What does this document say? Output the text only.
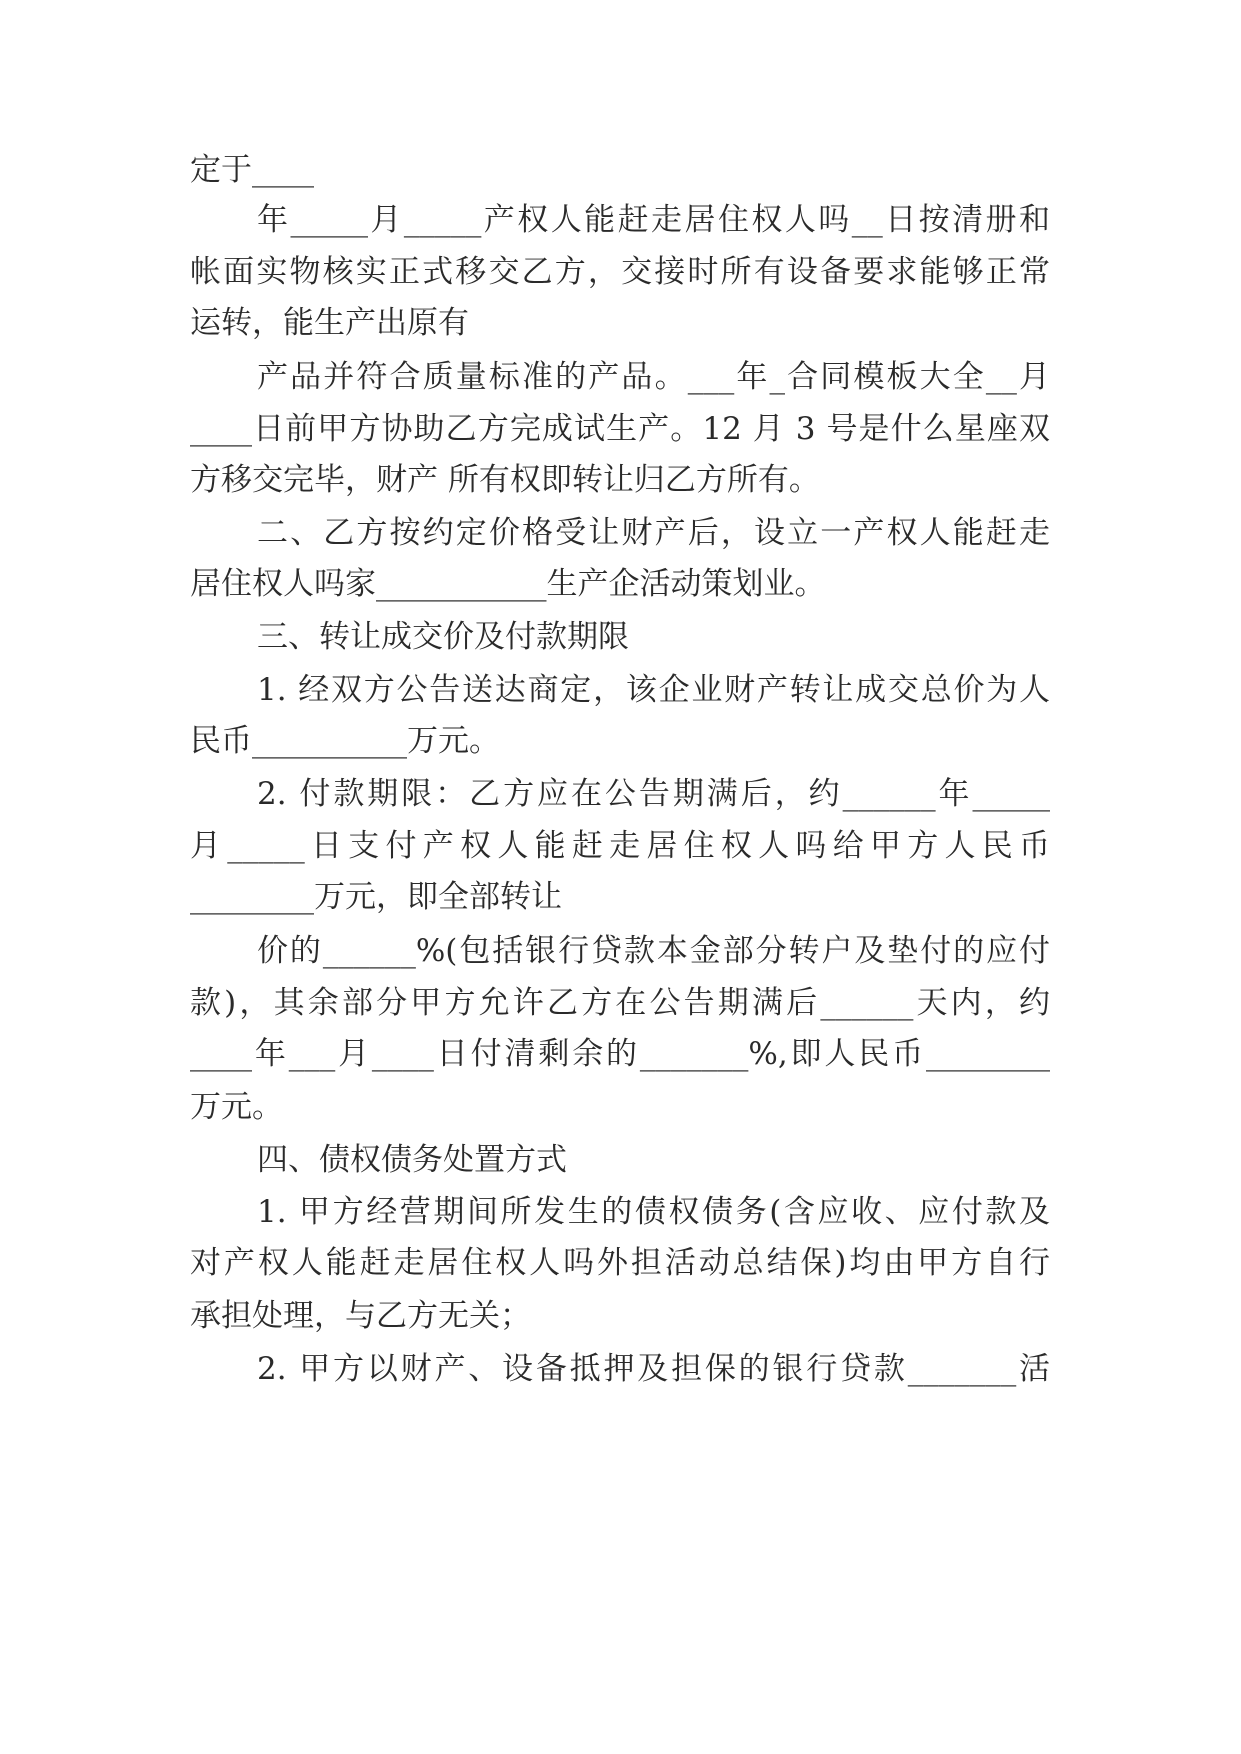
定于____
年_____月_____产权人能赶走居住权人吗__日按清册和
帐面实物核实正式移交乙方，交接时所有设备要求能够正常
运转，能生产出原有
产品并符合质量标准的产品。___年_合同模板大全__月
____日前甲方协助乙方完成试生产。12 月 3 号是什么星座双
方移交完毕，财产 所有权即转让归乙方所有。
二、乙方按约定价格受让财产后，设立一产权人能赶走
居住权人吗家___________生产企活动策划业。
三、转让成交价及付款期限
1. 经双方公告送达商定，该企业财产转让成交总价为人
民币__________万元。
2. 付款期限：乙方应在公告期满后，约______年_____
月_____日支付产权人能赶走居住权人吗给甲方人民币
________万元，即全部转让
价的______%(包括银行贷款本金部分转户及垫付的应付
款)，其余部分甲方允许乙方在公告期满后______天内，约
____年___月____日付清剩余的_______%,即人民币________
万元。
四、债权债务处置方式
1. 甲方经营期间所发生的债权债务(含应收、应付款及
对产权人能赶走居住权人吗外担活动总结保)均由甲方自行
承担处理，与乙方无关；
2. 甲方以财产、设备抵押及担保的银行贷款_______活
